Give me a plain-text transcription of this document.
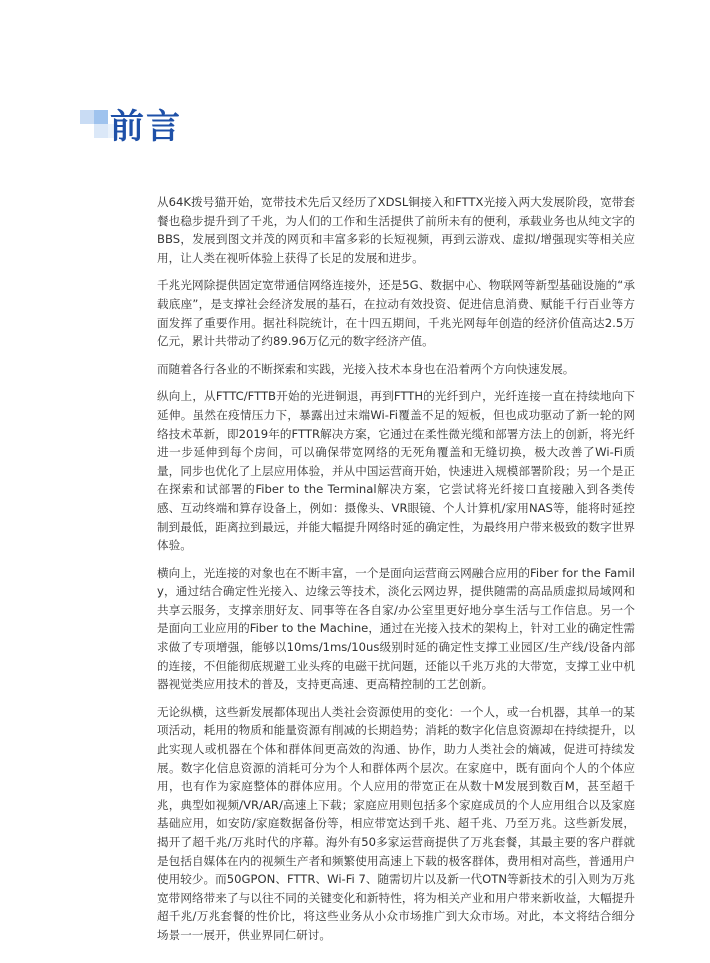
前言

从64K拨号猫开始，宽带技术先后又经历了XDSL铜接入和FTTX光接入两大发展阶段，宽带套餐也稳步提升到了千兆，为人们的工作和生活提供了前所未有的便利，承载业务也从纯文字的BBS，发展到图文并茂的网页和丰富多彩的长短视频，再到云游戏、虚拟/增强现实等相关应用，让人类在视听体验上获得了长足的发展和进步。

千兆光网除提供固定宽带通信网络连接外，还是5G、数据中心、物联网等新型基础设施的“承载底座”，是支撑社会经济发展的基石，在拉动有效投资、促进信息消费、赋能千行百业等方面发挥了重要作用。据社科院统计，在十四五期间，千兆光网每年创造的经济价值高达2.5万亿元，累计共带动了约89.96万亿元的数字经济产值。

而随着各行各业的不断探索和实践，光接入技术本身也在沿着两个方向快速发展。

纵向上，从FTTC/FTTB开始的光进铜退，再到FTTH的光纤到户，光纤连接一直在持续地向下延伸。虽然在疫情压力下，暴露出过末端Wi-Fi覆盖不足的短板，但也成功驱动了新一轮的网络技术革新，即2019年的FTTR解决方案，它通过在柔性微光缆和部署方法上的创新，将光纤进一步延伸到每个房间，可以确保带宽网络的无死角覆盖和无缝切换，极大改善了Wi-Fi质量，同步也优化了上层应用体验，并从中国运营商开始，快速进入规模部署阶段；另一个是正在探索和试部署的Fiber to the Terminal解决方案，它尝试将光纤接口直接融入到各类传感、互动终端和算存设备上，例如：摄像头、VR眼镜、个人计算机/家用NAS等，能将时延控制到最低，距离拉到最远，并能大幅提升网络时延的确定性，为最终用户带来极致的数字世界体验。

横向上，光连接的对象也在不断丰富，一个是面向运营商云网融合应用的Fiber for the Family，通过结合确定性光接入、边缘云等技术，淡化云网边界，提供随需的高品质虚拟局域网和共享云服务，支撑亲朋好友、同事等在各自家/办公室里更好地分享生活与工作信息。另一个是面向工业应用的Fiber to the Machine，通过在光接入技术的架构上，针对工业的确定性需求做了专项增强，能够以10ms/1ms/10us级别时延的确定性支撑工业园区/生产线/设备内部的连接，不但能彻底规避工业头疼的电磁干扰问题，还能以千兆万兆的大带宽，支撑工业中机器视觉类应用技术的普及，支持更高速、更高精控制的工艺创新。

无论纵横，这些新发展都体现出人类社会资源使用的变化：一个人，或一台机器，其单一的某项活动，耗用的物质和能量资源有削减的长期趋势；消耗的数字化信息资源却在持续提升，以此实现人或机器在个体和群体间更高效的沟通、协作，助力人类社会的熵减，促进可持续发展。数字化信息资源的消耗可分为个人和群体两个层次。在家庭中，既有面向个人的个体应用，也有作为家庭整体的群体应用。个人应用的带宽正在从数十M发展到数百M，甚至超千兆，典型如视频/VR/AR/高速上下载；家庭应用则包括多个家庭成员的个人应用组合以及家庭基础应用，如安防/家庭数据备份等，相应带宽达到千兆、超千兆、乃至万兆。这些新发展，揭开了超千兆/万兆时代的序幕。海外有50多家运营商提供了万兆套餐，其最主要的客户群就是包括自媒体在内的视频生产者和频繁使用高速上下载的极客群体，费用相对高些，普通用户使用较少。而50GPON、FTTR、Wi-Fi 7、随需切片以及新一代OTN等新技术的引入则为万兆宽带网络带来了与以往不同的关键变化和新特性，将为相关产业和用户带来新收益，大幅提升超千兆/万兆套餐的性价比，将这些业务从小众市场推广到大众市场。对此，本文将结合细分场景一一展开，供业界同仁研讨。
